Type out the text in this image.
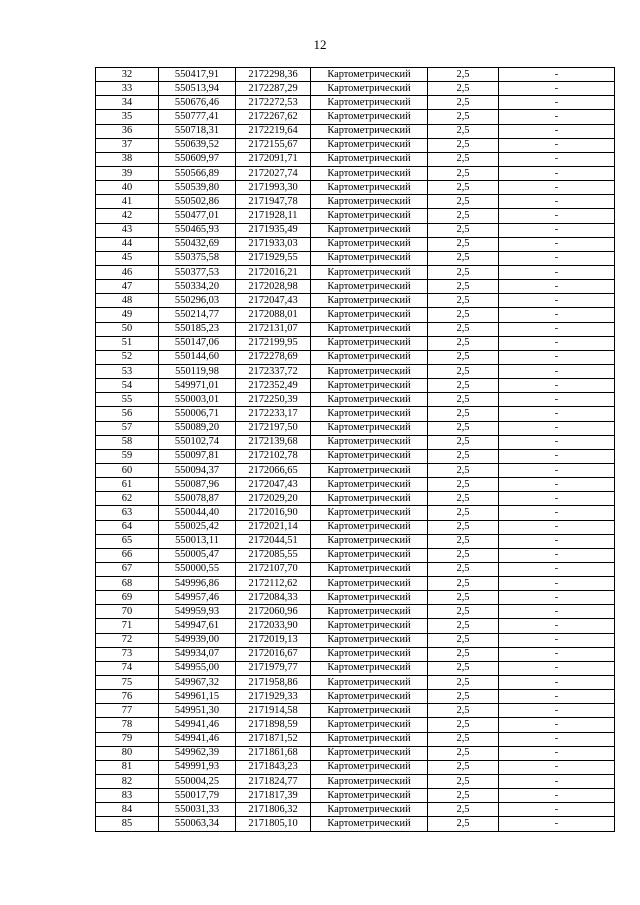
12
32	550417,91	2172298,36	Картометрический	2,5	-
33	550513,94	2172287,29	Картометрический	2,5	-
34	550676,46	2172272,53	Картометрический	2,5	-
35	550777,41	2172267,62	Картометрический	2,5	-
36	550718,31	2172219,64	Картометрический	2,5	-
37	550639,52	2172155,67	Картометрический	2,5	-
38	550609,97	2172091,71	Картометрический	2,5	-
39	550566,89	2172027,74	Картометрический	2,5	-
40	550539,80	2171993,30	Картометрический	2,5	-
41	550502,86	2171947,78	Картометрический	2,5	-
42	550477,01	2171928,11	Картометрический	2,5	-
43	550465,93	2171935,49	Картометрический	2,5	-
44	550432,69	2171933,03	Картометрический	2,5	-
45	550375,58	2171929,55	Картометрический	2,5	-
46	550377,53	2172016,21	Картометрический	2,5	-
47	550334,20	2172028,98	Картометрический	2,5	-
48	550296,03	2172047,43	Картометрический	2,5	-
49	550214,77	2172088,01	Картометрический	2,5	-
50	550185,23	2172131,07	Картометрический	2,5	-
51	550147,06	2172199,95	Картометрический	2,5	-
52	550144,60	2172278,69	Картометрический	2,5	-
53	550119,98	2172337,72	Картометрический	2,5	-
54	549971,01	2172352,49	Картометрический	2,5	-
55	550003,01	2172250,39	Картометрический	2,5	-
56	550006,71	2172233,17	Картометрический	2,5	-
57	550089,20	2172197,50	Картометрический	2,5	-
58	550102,74	2172139,68	Картометрический	2,5	-
59	550097,81	2172102,78	Картометрический	2,5	-
60	550094,37	2172066,65	Картометрический	2,5	-
61	550087,96	2172047,43	Картометрический	2,5	-
62	550078,87	2172029,20	Картометрический	2,5	-
63	550044,40	2172016,90	Картометрический	2,5	-
64	550025,42	2172021,14	Картометрический	2,5	-
65	550013,11	2172044,51	Картометрический	2,5	-
66	550005,47	2172085,55	Картометрический	2,5	-
67	550000,55	2172107,70	Картометрический	2,5	-
68	549996,86	2172112,62	Картометрический	2,5	-
69	549957,46	2172084,33	Картометрический	2,5	-
70	549959,93	2172060,96	Картометрический	2,5	-
71	549947,61	2172033,90	Картометрический	2,5	-
72	549939,00	2172019,13	Картометрический	2,5	-
73	549934,07	2172016,67	Картометрический	2,5	-
74	549955,00	2171979,77	Картометрический	2,5	-
75	549967,32	2171958,86	Картометрический	2,5	-
76	549961,15	2171929,33	Картометрический	2,5	-
77	549951,30	2171914,58	Картометрический	2,5	-
78	549941,46	2171898,59	Картометрический	2,5	-
79	549941,46	2171871,52	Картометрический	2,5	-
80	549962,39	2171861,68	Картометрический	2,5	-
81	549991,93	2171843,23	Картометрический	2,5	-
82	550004,25	2171824,77	Картометрический	2,5	-
83	550017,79	2171817,39	Картометрический	2,5	-
84	550031,33	2171806,32	Картометрический	2,5	-
85	550063,34	2171805,10	Картометрический	2,5	-
